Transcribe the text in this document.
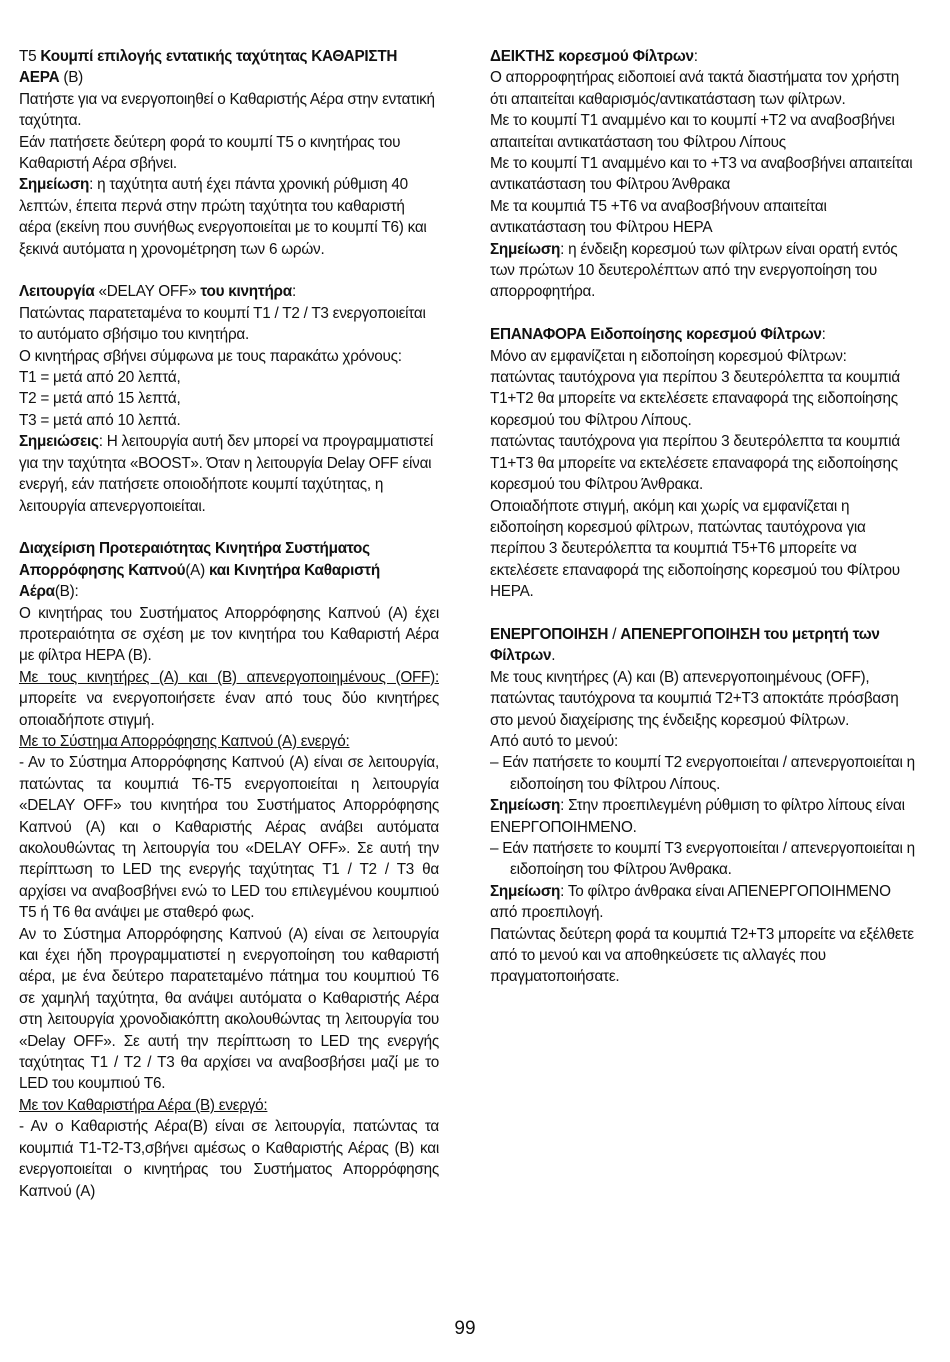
T5 Κουμπί επιλογής εντατικής ταχύτητας ΚΑΘΑΡΙΣΤΗ ΑΕΡΑ (B)

Πατήστε για να ενεργοποιηθεί ο Καθαριστής Αέρα στην εντατική ταχύτητα.

Εάν πατήσετε δεύτερη φορά το κουμπί T5 ο κινητήρας του Καθαριστή Αέρα σβήνει.

Σημείωση: η ταχύτητα αυτή έχει πάντα χρονική ρύθμιση 40 λεπτών, έπειτα περνά στην πρώτη ταχύτητα του καθαριστή αέρα (εκείνη που συνήθως ενεργοποιείται με το κουμπί T6) και ξεκινά αυτόματα η χρονομέτρηση των 6 ωρών.

Λειτουργία «DELAY OFF» του κινητήρα:

Πατώντας παρατεταμένα το κουμπί T1 / T2 / T3 ενεργοποιείται το αυτόματο σβήσιμο του κινητήρα.

Ο κινητήρας σβήνει σύμφωνα με τους παρακάτω χρόνους:

T1 = μετά από 20 λεπτά,

T2 = μετά από 15 λεπτά,

T3 = μετά από 10 λεπτά.

Σημειώσεις: Η λειτουργία αυτή δεν μπορεί να προγραμματιστεί για την ταχύτητα «BOOST». Όταν η λειτουργία Delay OFF είναι ενεργή, εάν πατήσετε οποιοδήποτε κουμπί ταχύτητας, η λειτουργία απενεργοποιείται.

Διαχείριση Προτεραιότητας Κινητήρα Συστήματος Απορρόφησης Καπνού(A) και Κινητήρα Καθαριστή Αέρα(B):

Ο κινητήρας του Συστήματος Απορρόφησης Καπνού (A) έχει προτεραιότητα σε σχέση με τον κινητήρα του Καθαριστή Αέρα με φίλτρα HEPA (B).

Με τους κινητήρες (A) και (B) απενεργοποιημένους (OFF): μπορείτε να ενεργοποιήσετε έναν από τους δύο κινητήρες οποιαδήποτε στιγμή.

Με το Σύστημα Απορρόφησης Καπνού (A) ενεργό:

- Αν το Σύστημα Απορρόφησης Καπνού (A) είναι σε λειτουργία, πατώντας τα κουμπιά T6-T5 ενεργοποιείται η λειτουργία «DELAY OFF» του κινητήρα του Συστήματος Απορρόφησης Καπνού (A) και ο Καθαριστής Αέρας ανάβει αυτόματα ακολουθώντας τη λειτουργία του «DELAY OFF». Σε αυτή την περίπτωση το LED της ενεργής ταχύτητας T1 / T2 / T3 θα αρχίσει να αναβοσβήνει ενώ το LED του επιλεγμένου κουμπιού T5 ή T6 θα ανάψει με σταθερό φως.

Αν το Σύστημα Απορρόφησης Καπνού (A) είναι σε λειτουργία και έχει ήδη προγραμματιστεί η ενεργοποίηση του καθαριστή αέρα, με ένα δεύτερο παρατεταμένο πάτημα του κουμπιού T6 σε χαμηλή ταχύτητα, θα ανάψει αυτόματα ο Καθαριστής Αέρα στη λειτουργία χρονοδιακόπτη ακολουθώντας τη λειτουργία του «Delay OFF». Σε αυτή την περίπτωση το LED της ενεργής ταχύτητας T1 / T2 / T3 θα αρχίσει να αναβοσβήσει μαζί με το LED του κουμπιού T6.

Με τον Καθαριστήρα Αέρα (B) ενεργό:

- Αν ο Καθαριστής Αέρα(B) είναι σε λειτουργία, πατώντας τα κουμπιά T1-T2-T3,σβήνει αμέσως ο Καθαριστής Αέρας (B) και ενεργοποιείται ο κινητήρας του Συστήματος Απορρόφησης Καπνού (A)

ΔΕΙΚΤΗΣ κορεσμού Φίλτρων:

Ο απορροφητήρας ειδοποιεί ανά τακτά διαστήματα τον χρήστη ότι απαιτείται καθαρισμός/αντικατάσταση των φίλτρων.

Με το κουμπί T1 αναμμένο και το κουμπί +T2 να αναβοσβήνει απαιτείται αντικατάσταση του Φίλτρου Λίπους

Με το κουμπί T1 αναμμένο και το +T3 να αναβοσβήνει απαιτείται αντικατάσταση του Φίλτρου Άνθρακα

Με τα κουμπιά T5 +T6 να αναβοσβήνουν απαιτείται αντικατάσταση του Φίλτρου HEPA

Σημείωση: η ένδειξη κορεσμού των φίλτρων είναι ορατή εντός των πρώτων 10 δευτερολέπτων από την ενεργοποίηση του απορροφητήρα.

ΕΠΑΝΑΦΟΡΑ Ειδοποίησης κορεσμού Φίλτρων:

Μόνο αν εμφανίζεται η ειδοποίηση κορεσμού Φίλτρων:

πατώντας ταυτόχρονα για περίπου 3 δευτερόλεπτα τα κουμπιά T1+T2 θα μπορείτε να εκτελέσετε επαναφορά της ειδοποίησης κορεσμού του Φίλτρου Λίπους.

πατώντας ταυτόχρονα για περίπου 3 δευτερόλεπτα τα κουμπιά T1+T3 θα μπορείτε να εκτελέσετε επαναφορά της ειδοποίησης κορεσμού του Φίλτρου Άνθρακα.

Οποιαδήποτε στιγμή, ακόμη και χωρίς να εμφανίζεται η ειδοποίηση κορεσμού φίλτρων, πατώντας ταυτόχρονα για περίπου 3 δευτερόλεπτα τα κουμπιά T5+T6 μπορείτε να εκτελέσετε επαναφορά της ειδοποίησης κορεσμού του Φίλτρου HEPA.

ΕΝΕΡΓΟΠΟΙΗΣΗ / ΑΠΕΝΕΡΓΟΠΟΙΗΣΗ του μετρητή των Φίλτρων.

Με τους κινητήρες (A) και (B) απενεργοποιημένους (OFF), πατώντας ταυτόχρονα τα κουμπιά T2+T3 αποκτάτε πρόσβαση στο μενού διαχείρισης της ένδειξης κορεσμού Φίλτρων.

Από αυτό το μενού:

– Εάν πατήσετε το κουμπί T2 ενεργοποιείται / απενεργοποιείται η ειδοποίηση του Φίλτρου Λίπους.

Σημείωση: Στην προεπιλεγμένη ρύθμιση το φίλτρο λίπους είναι ΕΝΕΡΓΟΠΟΙΗΜΕΝΟ.

– Εάν πατήσετε το κουμπί T3 ενεργοποιείται / απενεργοποιείται η ειδοποίηση του Φίλτρου Άνθρακα.

Σημείωση: Το φίλτρο άνθρακα είναι ΑΠΕΝΕΡΓΟΠΟΙΗΜΕΝΟ από προεπιλογή.

Πατώντας δεύτερη φορά τα κουμπιά T2+T3 μπορείτε να εξέλθετε από το μενού και να αποθηκεύσετε τις αλλαγές που πραγματοποιήσατε.

99
